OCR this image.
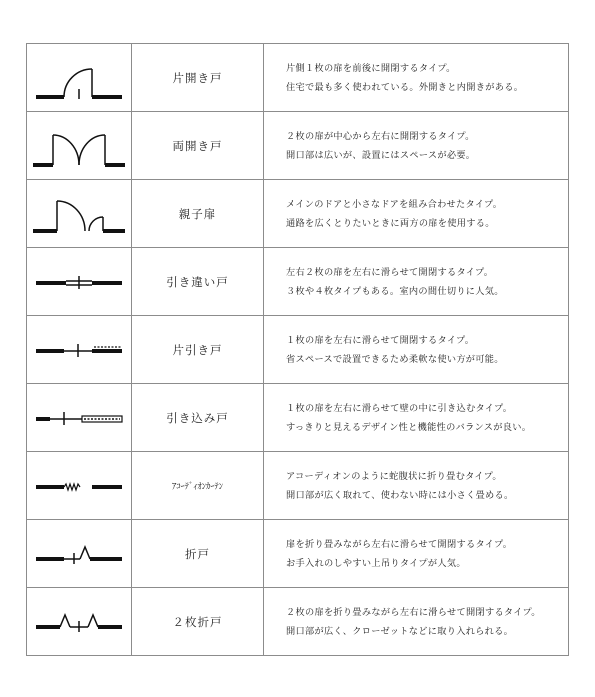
	片開き戸	片側１枚の扉を前後に開閉するタイプ。
住宅で最も多く使われている。外開きと内開きがある。

	両開き戸	２枚の扉が中心から左右に開閉するタイプ。
開口部は広いが、設置にはスペースが必要。

	親子扉	メインのドアと小さなドアを組み合わせたタイプ。
通路を広くとりたいときに両方の扉を使用する。

	引き違い戸	左右２枚の扉を左右に滑らせて開閉するタイプ。
３枚や４枚タイプもある。室内の間仕切りに人気。

	片引き戸	１枚の扉を左右に滑らせて開閉するタイプ。
省スペースで設置できるため柔軟な使い方が可能。

	引き込み戸	１枚の扉を左右に滑らせて壁の中に引き込むタイプ。
すっきりと見えるデザイン性と機能性のバランスが良い。

	ｱｺｰﾃﾞｨｵﾝｶｰﾃﾝ	アコーディオンのように蛇腹状に折り畳むタイプ。
開口部が広く取れて、使わない時には小さく畳める。

	折戸	扉を折り畳みながら左右に滑らせて開閉するタイプ。
お手入れのしやすい上吊りタイプが人気。

	２枚折戸	２枚の扉を折り畳みながら左右に滑らせて開閉するタイプ。
開口部が広く、クローゼットなどに取り入れられる。
